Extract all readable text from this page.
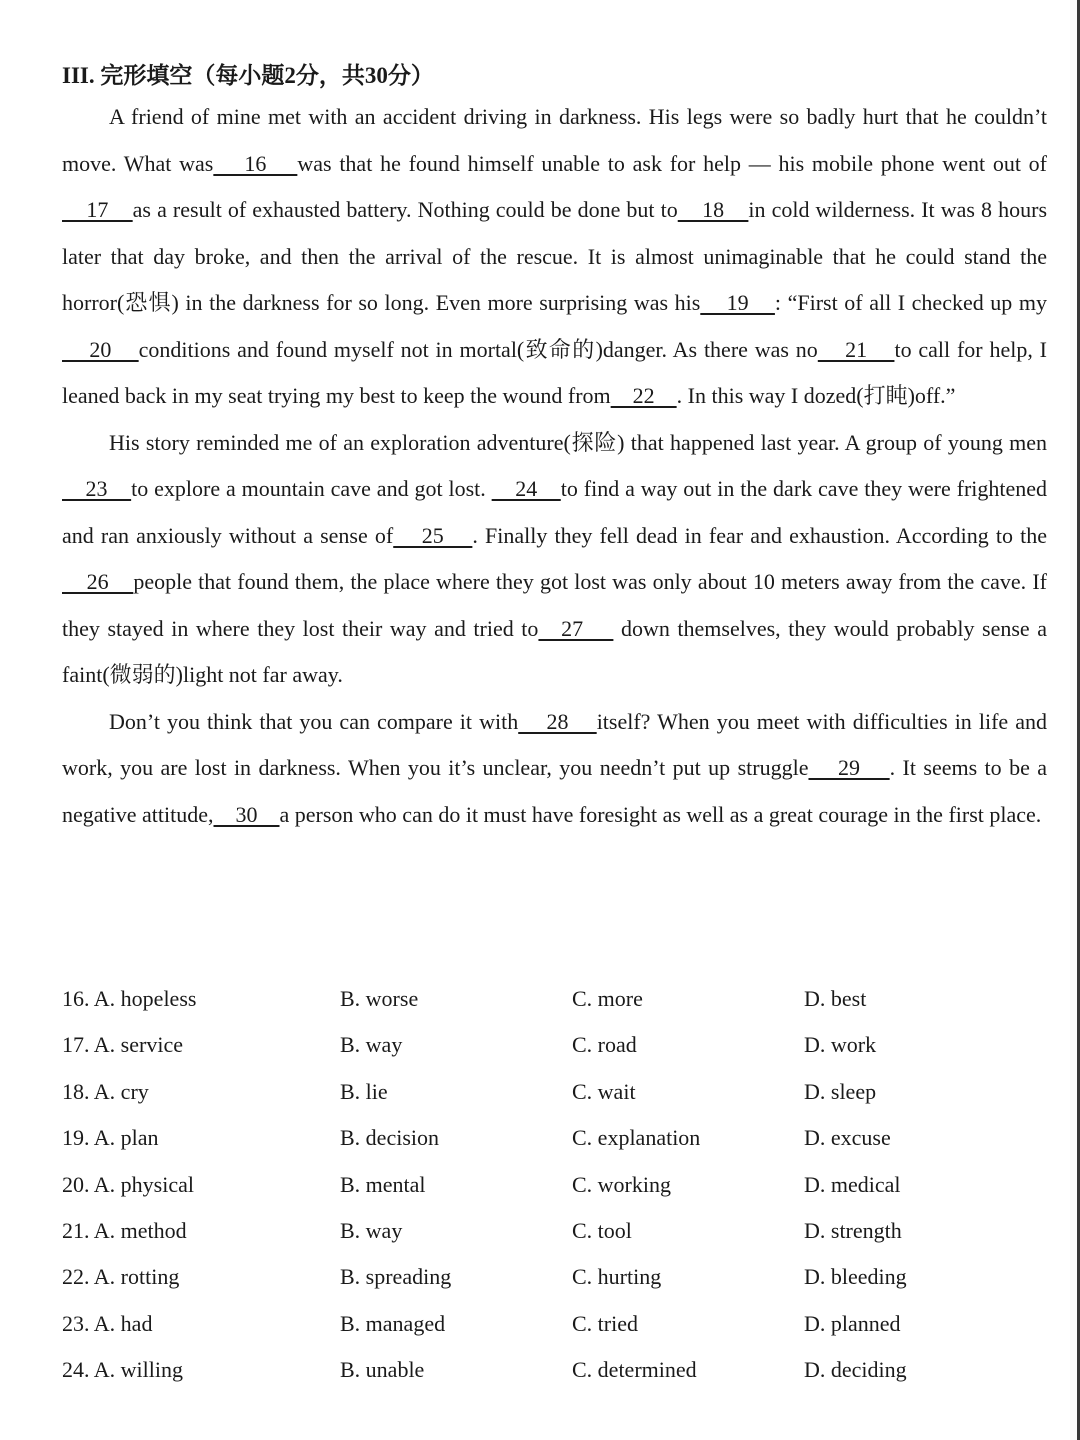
III. 完形填空（每小题2分，共30分）

A friend of mine met with an accident driving in darkness. His legs were so badly hurt that he couldn’t move. What was    16    was that he found himself unable to ask for help — his mobile phone went out of    17    as a result of exhausted battery. Nothing could be done but to    18    in cold wilderness. It was 8 hours later that day broke, and then the arrival of the rescue. It is almost unimaginable that he could stand the horror(恐惧) in the darkness for so long. Even more surprising was his    19    : “First of all I checked up my    20    conditions and found myself not in mortal(致命的)danger. As there was no    21    to call for help, I leaned back in my seat trying my best to keep the wound from    22    . In this way I dozed(打盹)off.”

His story reminded me of an exploration adventure(探险) that happened last year. A group of young men    23    to explore a mountain cave and got lost.     24    to find a way out in the dark cave they were frightened and ran anxiously without a sense of    25    . Finally they fell dead in fear and exhaustion. According to the    26    people that found them, the place where they got lost was only about 10 meters away from the cave. If they stayed in where they lost their way and tried to   27     down themselves, they would probably sense a faint(微弱的)light not far away.

Don’t you think that you can compare it with    28    itself? When you meet with difficulties in life and work, you are lost in darkness. When you it’s unclear, you needn’t put up struggle    29    . It seems to be a negative attitude,    30    a person who can do it must have foresight as well as a great courage in the first place.

16. A. hopeless	B. worse	C. more	D. best
17. A. service	B. way	C. road	D. work
18. A. cry	B. lie	C. wait	D. sleep
19. A. plan	B. decision	C. explanation	D. excuse
20. A. physical	B. mental	C. working	D. medical
21. A. method	B. way	C. tool	D. strength
22. A. rotting	B. spreading	C. hurting	D. bleeding
23. A. had	B. managed	C. tried	D. planned
24. A. willing	B. unable	C. determined	D. deciding
